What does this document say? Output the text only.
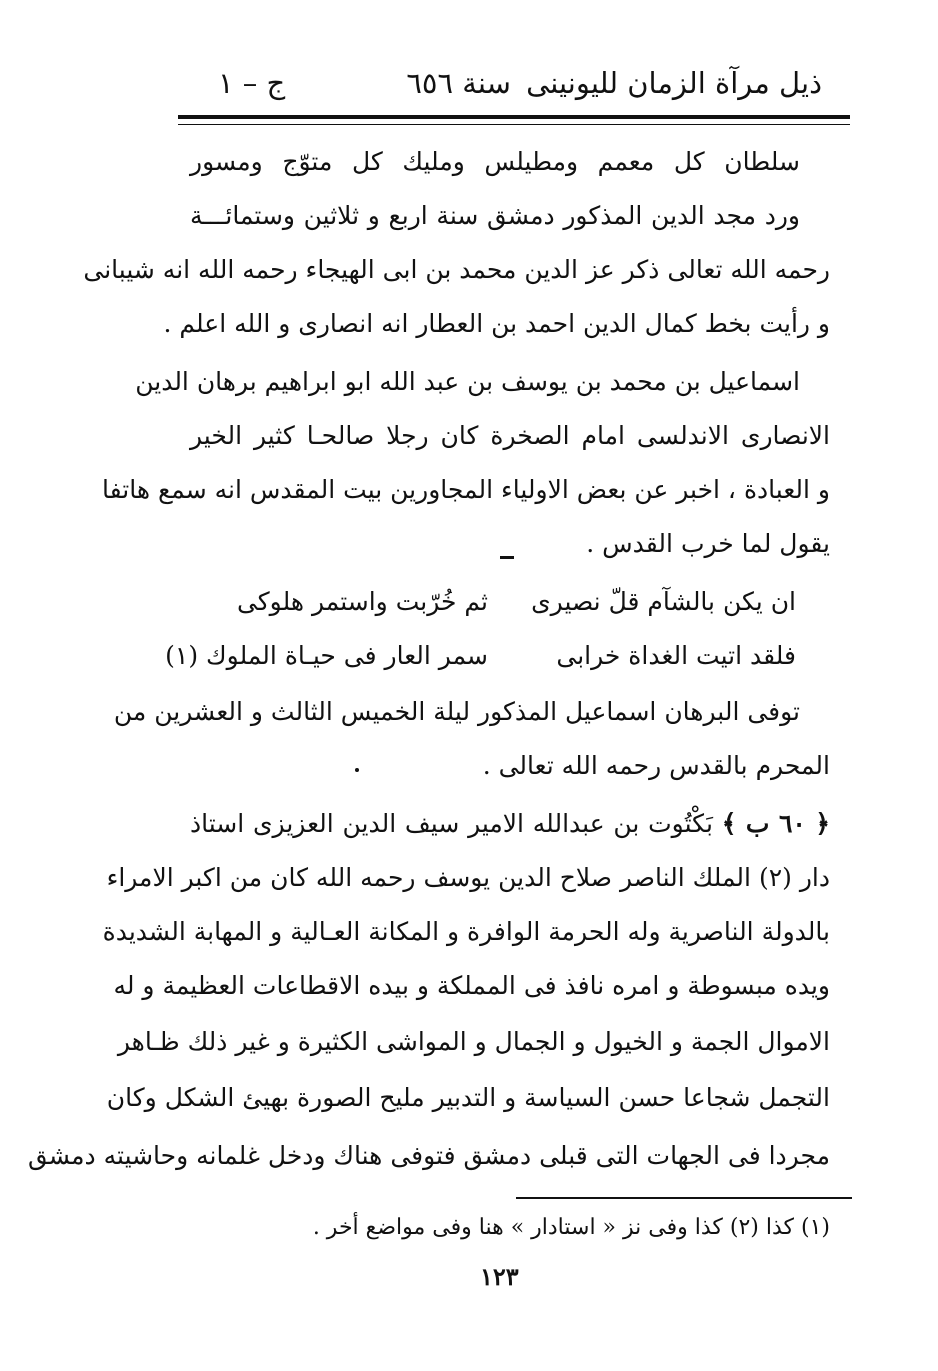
ذيل مرآة الزمان لليونينى سنة ٦٥٦
ج – ١
سلطان كل معمم ومطيلس ومليك كل متوّج ومسور
ورد مجد الدين المذكور دمشق سنة اربع و ثلاثين وستمائـــة
رحمه الله تعالى ذكر عز الدين محمد بن ابى الهيجاء رحمه الله انه شيبانى
و رأيت بخط كمال الدين احمد بن العطار انه انصارى و الله اعلم .
اسماعيل بن محمد بن يوسف بن عبد الله ابو ابراهيم برهان الدين
الانصارى الاندلسى امام الصخرة كان رجلا صالحـا كثير الخير
و العبادة ، اخبر عن بعض الاولياء المجاورين بيت المقدس انه سمع هاتفا
يقول لما خرب القدس .
ان يكن بالشآم قلّ نصيرى
ثم خُرّبت واستمر هلوكى
فلقد اتيت الغداة خرابى
سمر العار فى حيـاة الملوك (١)
توفى البرهان اسماعيل المذكور ليلة الخميس الثالث و العشرين من
المحرم بالقدس رحمه الله تعالى .
﴿ ٦٠ ب ﴾ بَكْتُوت بن عبدالله الامير سيف الدين العزيزى استاذ
دار (٢) الملك الناصر صلاح الدين يوسف رحمه الله كان من اكبر الامراء
بالدولة الناصرية وله الحرمة الوافرة و المكانة العـالية و المهابة الشديدة
ويده مبسوطة و امره نافذ فى المملكة و بيده الاقطاعات العظيمة و له
الاموال الجمة و الخيول و الجمال و المواشى الكثيرة و غير ذلك ظـاهر
التجمل شجاعا حسن السياسة و التدبير مليح الصورة بهيئ الشكل وكان
مجردا فى الجهات التى قبلى دمشق فتوفى هناك ودخل غلمانه وحاشيته دمشق
(١) كذا (٢) كذا وفى نز « استادار » هنا وفى مواضع أخر .
١٢٣
